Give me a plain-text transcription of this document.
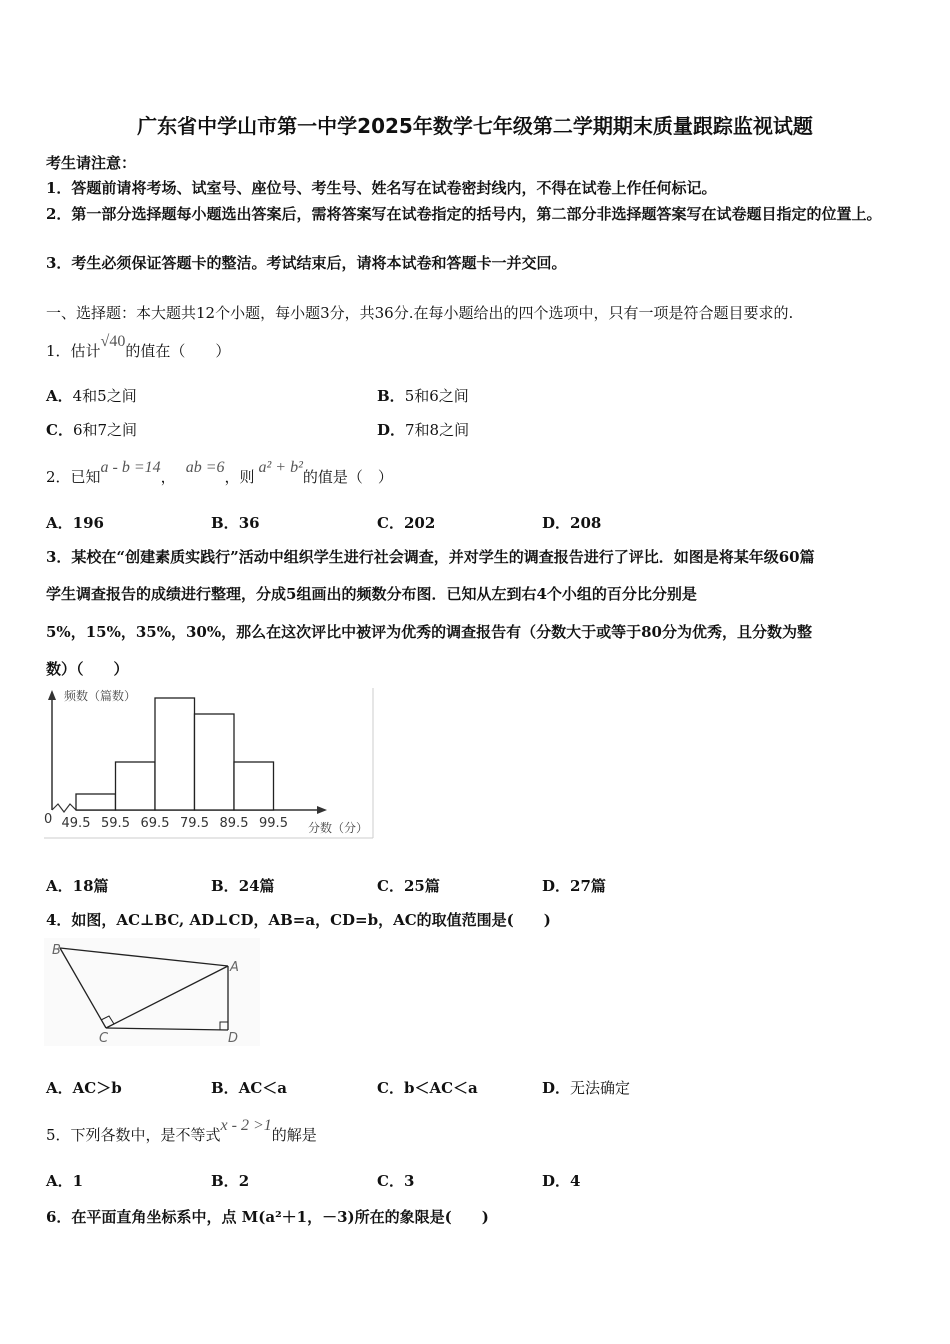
广东省中学山市第一中学2025年数学七年级第二学期期末质量跟踪监视试题
考生请注意：
1．答题前请将考场、试室号、座位号、考生号、姓名写在试卷密封线内，不得在试卷上作任何标记。
2．第一部分选择题每小题选出答案后，需将答案写在试卷指定的括号内，第二部分非选择题答案写在试卷题目指定的位置上。
3．考生必须保证答题卡的整洁。考试结束后，请将本试卷和答题卡一并交回。
一、选择题：本大题共12个小题，每小题3分，共36分.在每小题给出的四个选项中，只有一项是符合题目要求的.
1．估计√40的值在（　　）
A．4和5之间	B．5和6之间
C．6和7之间	D．7和8之间
2．已知a - b =14，ab =6，则a² + b²的值是（　）
A．196	B．36	C．202	D．208
3．某校在“创建素质实践行”活动中组织学生进行社会调查，并对学生的调查报告进行了评比．如图是将某年级60篇
学生调查报告的成绩进行整理，分成5组画出的频数分布图．已知从左到右4个小组的百分比分别是
5%，15%，35%，30%，那么在这次评比中被评为优秀的调查报告有（分数大于或等于80分为优秀，且分数为整
数）（　　）
频数（篇数）
分数（分）
0 49.5 59.5 69.5 79.5 89.5 99.5
A．18篇	B．24篇	C．25篇	D．27篇
4．如图，AC⊥BC, AD⊥CD，AB=a，CD=b，AC的取值范围是(　　)
B
A
C	D
A．AC＞b	B．AC＜a	C．b＜AC＜a	D．无法确定
5．下列各数中，是不等式x - 2 >1的解是
A．1	B．2	C．3	D．4
6．在平面直角坐标系中，点 M(a²＋1，－3)所在的象限是(　　)
